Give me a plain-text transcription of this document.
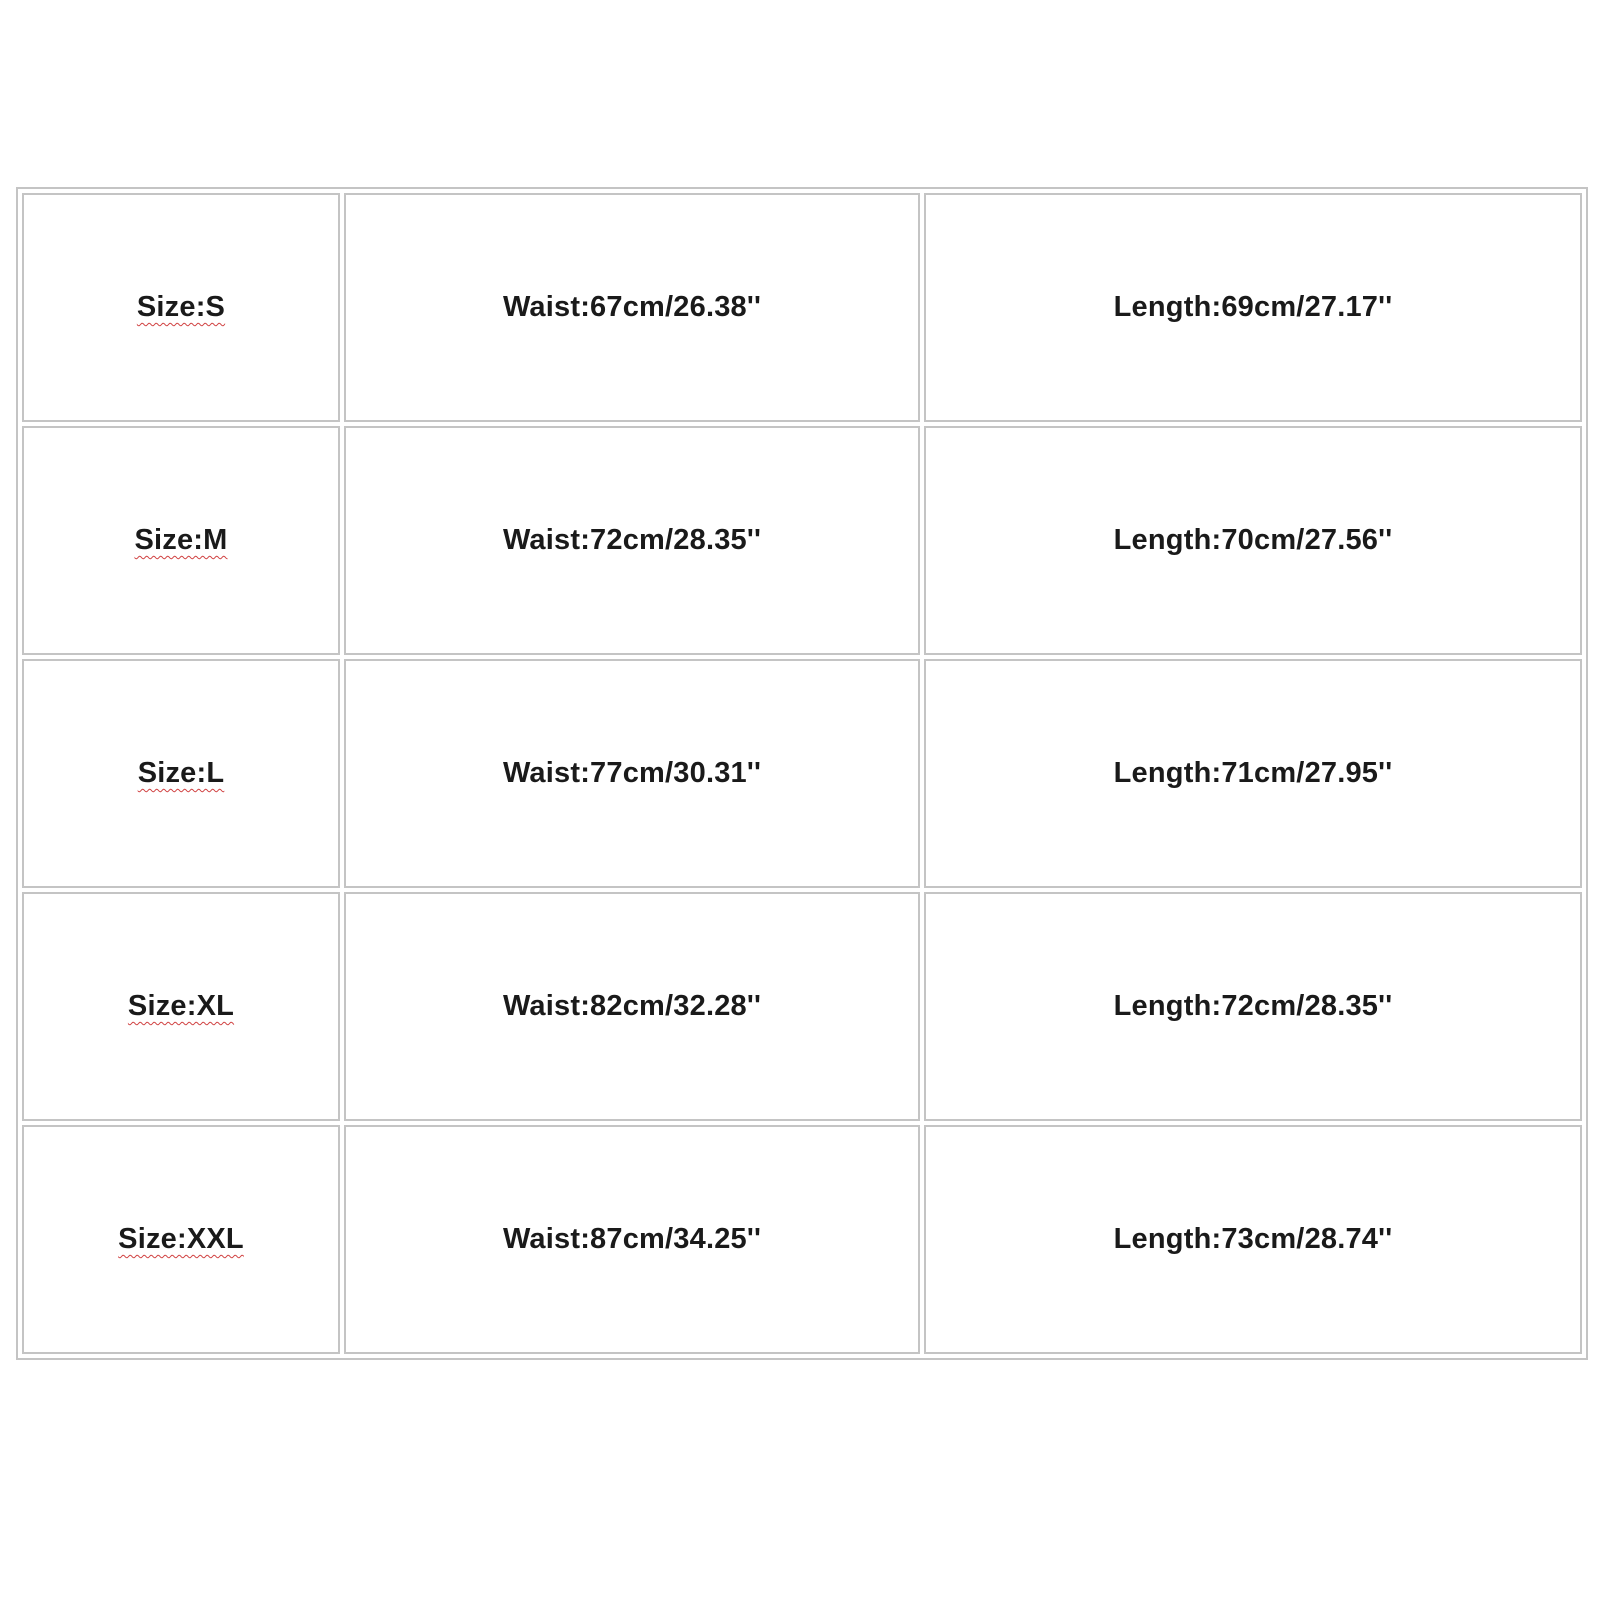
Size:S	Waist:67cm/26.38''	Length:69cm/27.17''
Size:M	Waist:72cm/28.35''	Length:70cm/27.56''
Size:L	Waist:77cm/30.31''	Length:71cm/27.95''
Size:XL	Waist:82cm/32.28''	Length:72cm/28.35''
Size:XXL	Waist:87cm/34.25''	Length:73cm/28.74''
